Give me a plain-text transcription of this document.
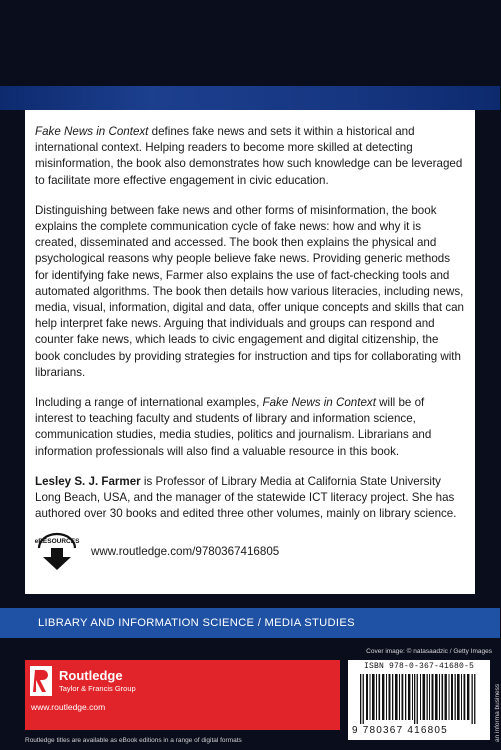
Fake News in Context defines fake news and sets it within a historical and international context. Helping readers to become more skilled at detecting misinformation, the book also demonstrates how such knowledge can be leveraged to facilitate more effective engagement in civic education.

Distinguishing between fake news and other forms of misinformation, the book explains the complete communication cycle of fake news: how and why it is created, disseminated and accessed. The book then explains the physical and psychological reasons why people believe fake news. Providing generic methods for identifying fake news, Farmer also explains the use of fact-checking tools and automated algorithms. The book then details how various literacies, including news, media, visual, information, digital and data, offer unique concepts and skills that can help interpret fake news. Arguing that individuals and groups can respond and counter fake news, which leads to civic engagement and digital citizenship, the book concludes by providing strategies for instruction and tips for collaborating with librarians.

Including a range of international examples, Fake News in Context will be of interest to teaching faculty and students of library and information science, communication studies, media studies, politics and journalism. Librarians and information professionals will also find a valuable resource in this book.

Lesley S. J. Farmer is Professor of Library Media at California State University Long Beach, USA, and the manager of the statewide ICT literacy project. She has authored over 30 books and edited three other volumes, mainly on library science.

eRESOURCES
www.routledge.com/9780367416805
LIBRARY AND INFORMATION SCIENCE / MEDIA STUDIES
Cover image: © natasaadzic / Getty Images
Routledge
Taylor & Francis Group
www.routledge.com
Routledge titles are available as eBook editions in a range of digital formats
ISBN 978-0-367-41680-5
9 780367 416805	an informa business
